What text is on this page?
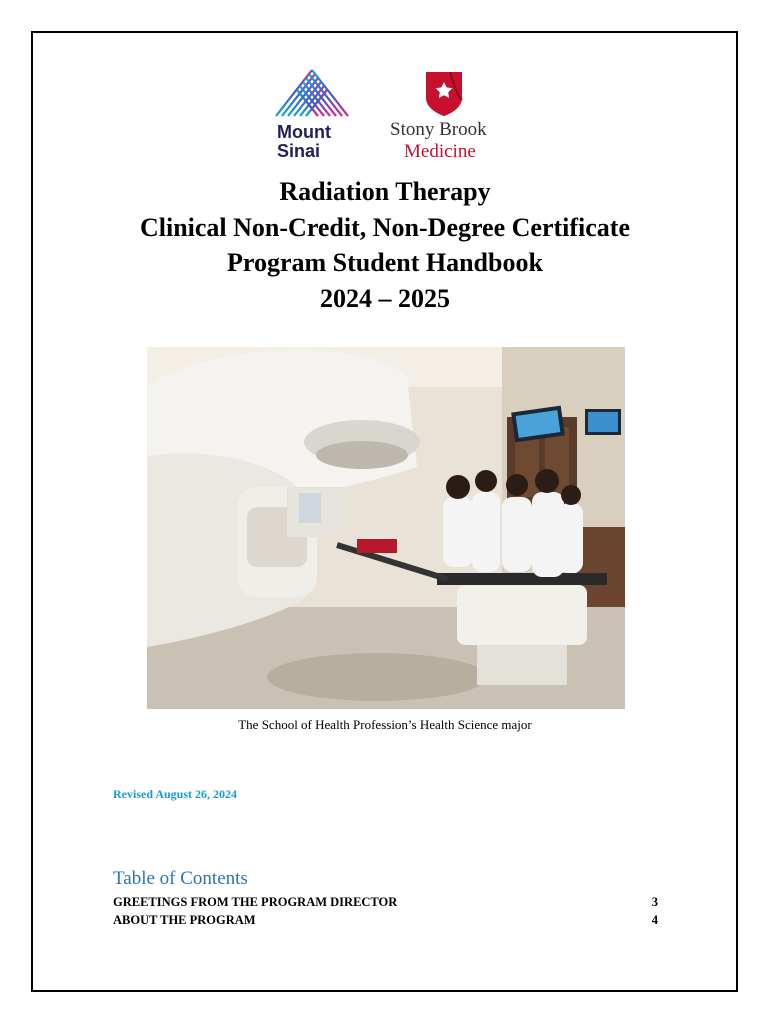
Mount
Sinai
Stony Brook
Medicine
Radiation Therapy
Clinical Non-Credit, Non-Degree Certificate
Program Student Handbook
2024 – 2025
The School of Health Profession’s Health Science major
Revised August 26, 2024
Table of Contents
GREETINGS FROM THE PROGRAM DIRECTOR	3
ABOUT THE PROGRAM	4
